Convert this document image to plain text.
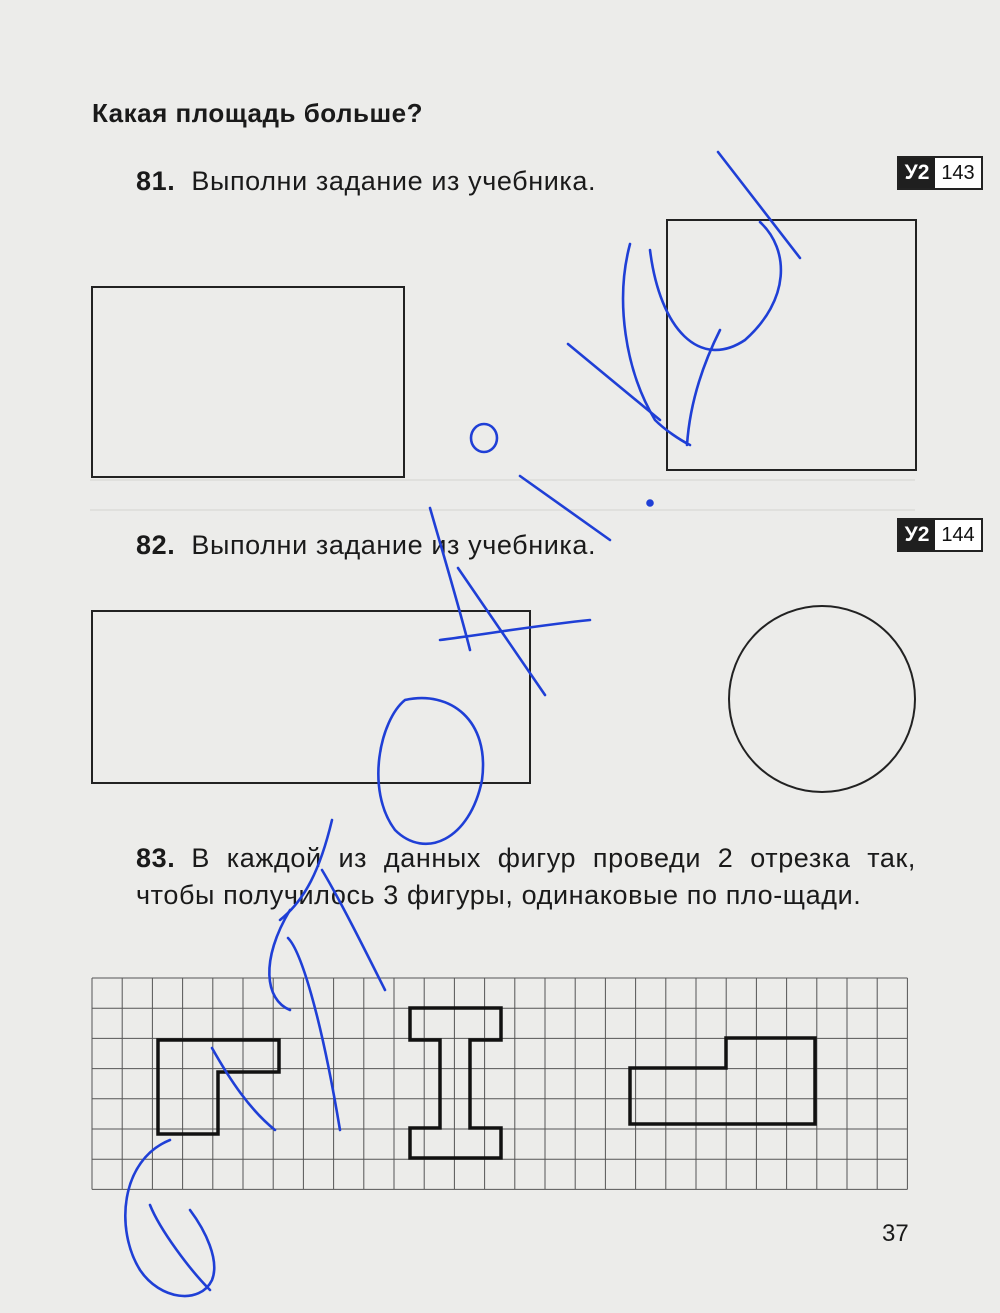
Какая площадь больше?
У2 143
У2 144
81. Выполни задание из учебника.
82. Выполни задание из учебника.
83. В каждой из данных фигур проведи 2 отрезка так, чтобы получилось 3 фигуры, одинаковые по пло-щади.
37
